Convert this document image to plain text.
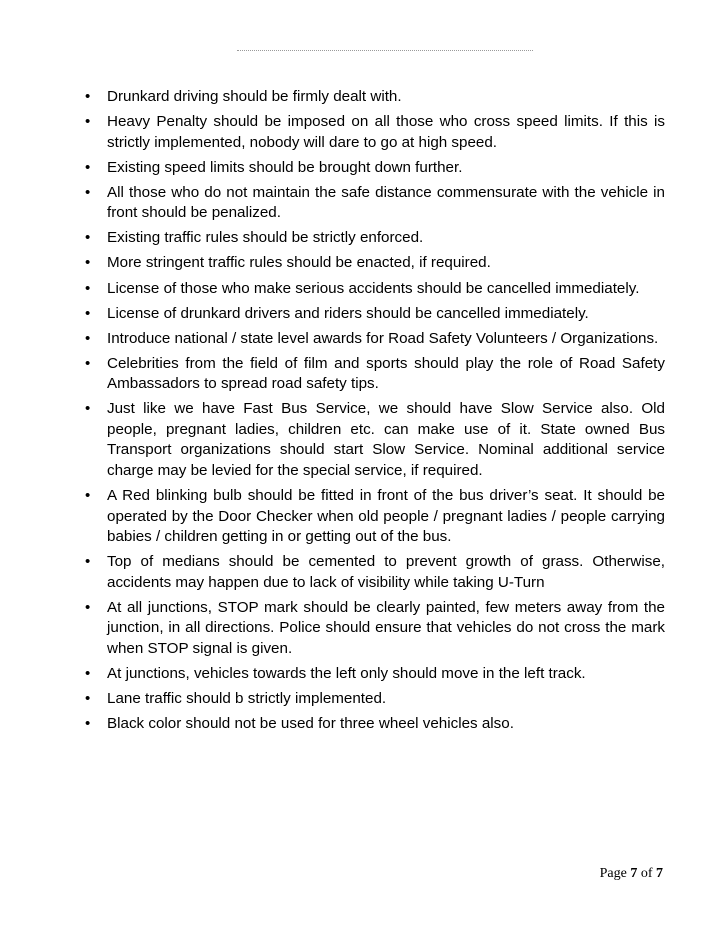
• Drunkard driving should be firmly dealt with.
• Heavy Penalty should be imposed on all those who cross speed limits. If this is strictly implemented, nobody will dare to go at high speed.
• Existing speed limits should be brought down further.
• All those who do not maintain the safe distance commensurate with the vehicle in front should be penalized.
• Existing traffic rules should be strictly enforced.
• More stringent traffic rules should be enacted, if required.
• License of those who make serious accidents should be cancelled immediately.
• License of drunkard drivers and riders should be cancelled immediately.
• Introduce national / state level awards for Road Safety Volunteers / Organizations.
• Celebrities from the field of film and sports should play the role of Road Safety Ambassadors to spread road safety tips.
• Just like we have Fast Bus Service, we should have Slow Service also. Old people, pregnant ladies, children etc. can make use of it. State owned Bus Transport organizations should start Slow Service. Nominal additional service charge may be levied for the special service, if required.
• A Red blinking bulb should be fitted in front of the bus driver’s seat. It should be operated by the Door Checker when old people / pregnant ladies / people carrying babies / children getting in or getting out of the bus.
• Top of medians should be cemented to prevent growth of grass. Otherwise, accidents may happen due to lack of visibility while taking U-Turn
• At all junctions, STOP mark should be clearly painted, few meters away from the junction, in all directions. Police should ensure that vehicles do not cross the mark when STOP signal is given.
• At junctions, vehicles towards the left only should move in the left track.
• Lane traffic should b strictly implemented.
• Black color should not be used for three wheel vehicles also.
Page 7 of 7
